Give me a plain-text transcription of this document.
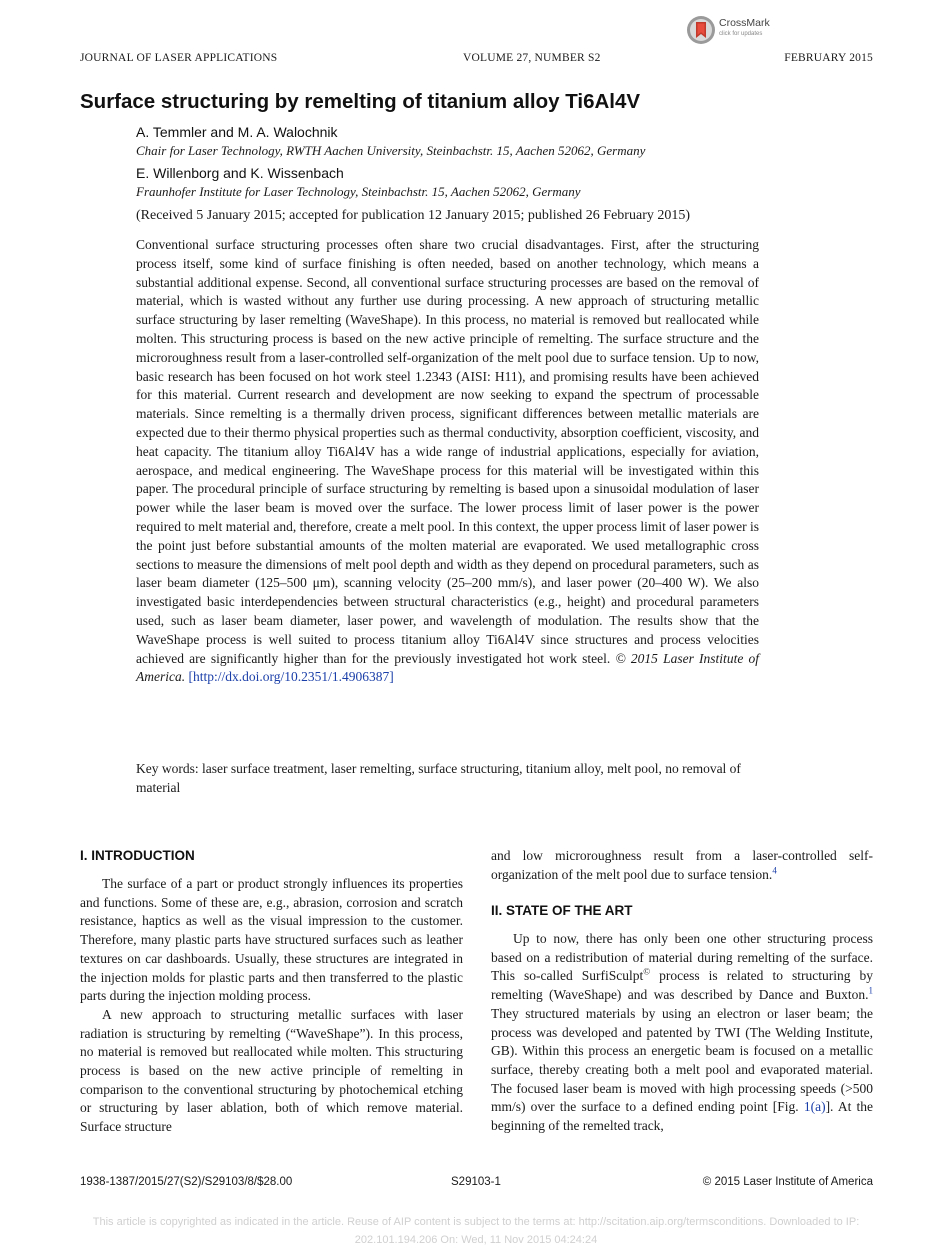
JOURNAL OF LASER APPLICATIONS	VOLUME 27, NUMBER S2	FEBRUARY 2015
CrossMark
click for updates
Surface structuring by remelting of titanium alloy Ti6Al4V
A. Temmler and M. A. Walochnik
Chair for Laser Technology, RWTH Aachen University, Steinbachstr. 15, Aachen 52062, Germany
E. Willenborg and K. Wissenbach
Fraunhofer Institute for Laser Technology, Steinbachstr. 15, Aachen 52062, Germany
(Received 5 January 2015; accepted for publication 12 January 2015; published 26 February 2015)
Conventional surface structuring processes often share two crucial disadvantages. First, after the structuring process itself, some kind of surface finishing is often needed, based on another technology, which means a substantial additional expense. Second, all conventional surface structuring processes are based on the removal of material, which is wasted without any further use during processing. A new approach of structuring metallic surface structuring by laser remelting (WaveShape). In this process, no material is removed but reallocated while molten. This structuring process is based on the new active principle of remelting. The surface structure and the microroughness result from a laser-controlled self-organization of the melt pool due to surface tension. Up to now, basic research has been focused on hot work steel 1.2343 (AISI: H11), and promising results have been achieved for this material. Current research and development are now seeking to expand the spectrum of processable materials. Since remelting is a thermally driven process, significant differences between metallic materials are expected due to their thermo physical properties such as thermal conductivity, absorption coefficient, viscosity, and heat capacity. The titanium alloy Ti6Al4V has a wide range of industrial applications, especially for aviation, aerospace, and medical engineering. The WaveShape process for this material will be investigated within this paper. The procedural principle of surface structuring by remelting is based upon a sinusoidal modulation of laser power while the laser beam is moved over the surface. The lower process limit of laser power is the power required to melt material and, therefore, create a melt pool. In this context, the upper process limit of laser power is the point just before substantial amounts of the molten material are evaporated. We used metallographic cross sections to measure the dimensions of melt pool depth and width as they depend on procedural parameters, such as laser beam diameter (125–500 μm), scanning velocity (25–200 mm/s), and laser power (20–400 W). We also investigated basic interdependencies between structural characteristics (e.g., height) and procedural parameters used, such as laser beam diameter, laser power, and wavelength of modulation. The results show that the WaveShape process is well suited to process titanium alloy Ti6Al4V since structures and process velocities achieved are significantly higher than for the previously investigated hot work steel. © 2015 Laser Institute of America. [http://dx.doi.org/10.2351/1.4906387]
Key words: laser surface treatment, laser remelting, surface structuring, titanium alloy, melt pool, no removal of material
I. INTRODUCTION

The surface of a part or product strongly influences its properties and functions. Some of these are, e.g., abrasion, corrosion and scratch resistance, haptics as well as the visual impression to the customer. Therefore, many plastic parts have structured surfaces such as leather textures on car dashboards. Usually, these structures are integrated in the injection molds for plastic parts and then transferred to the plastic parts during the injection molding process.

A new approach to structuring metallic surfaces with laser radiation is structuring by remelting (“WaveShape”). In this process, no material is removed but reallocated while molten. This structuring process is based on the new active principle of remelting in comparison to the conventional structuring by photochemical etching or structuring by laser ablation, both of which remove material. Surface structure

and low microroughness result from a laser-controlled self-organization of the melt pool due to surface tension.$^4$
II. STATE OF THE ART

Up to now, there has only been one other structuring process based on a redistribution of material during remelting of the surface. This so-called SurfiSculpt© process is related to structuring by remelting (WaveShape) and was described by Dance and Buxton.$^1$ They structured materials by using an electron or laser beam; the process was developed and patented by TWI (The Welding Institute, GB). Within this process an energetic beam is focused on a metallic surface, thereby creating both a melt pool and evaporated material. The focused laser beam is moved with high processing speeds (>500 mm/s) over the surface to a defined ending point [Fig. 1(a)]. At the beginning of the remelted track,

1938-1387/2015/27(S2)/S29103/8/$28.00	S29103-1	© 2015 Laser Institute of America
This article is copyrighted as indicated in the article. Reuse of AIP content is subject to the terms at: http://scitation.aip.org/termsconditions. Downloaded to IP:
202.101.194.206 On: Wed, 11 Nov 2015 04:24:24
